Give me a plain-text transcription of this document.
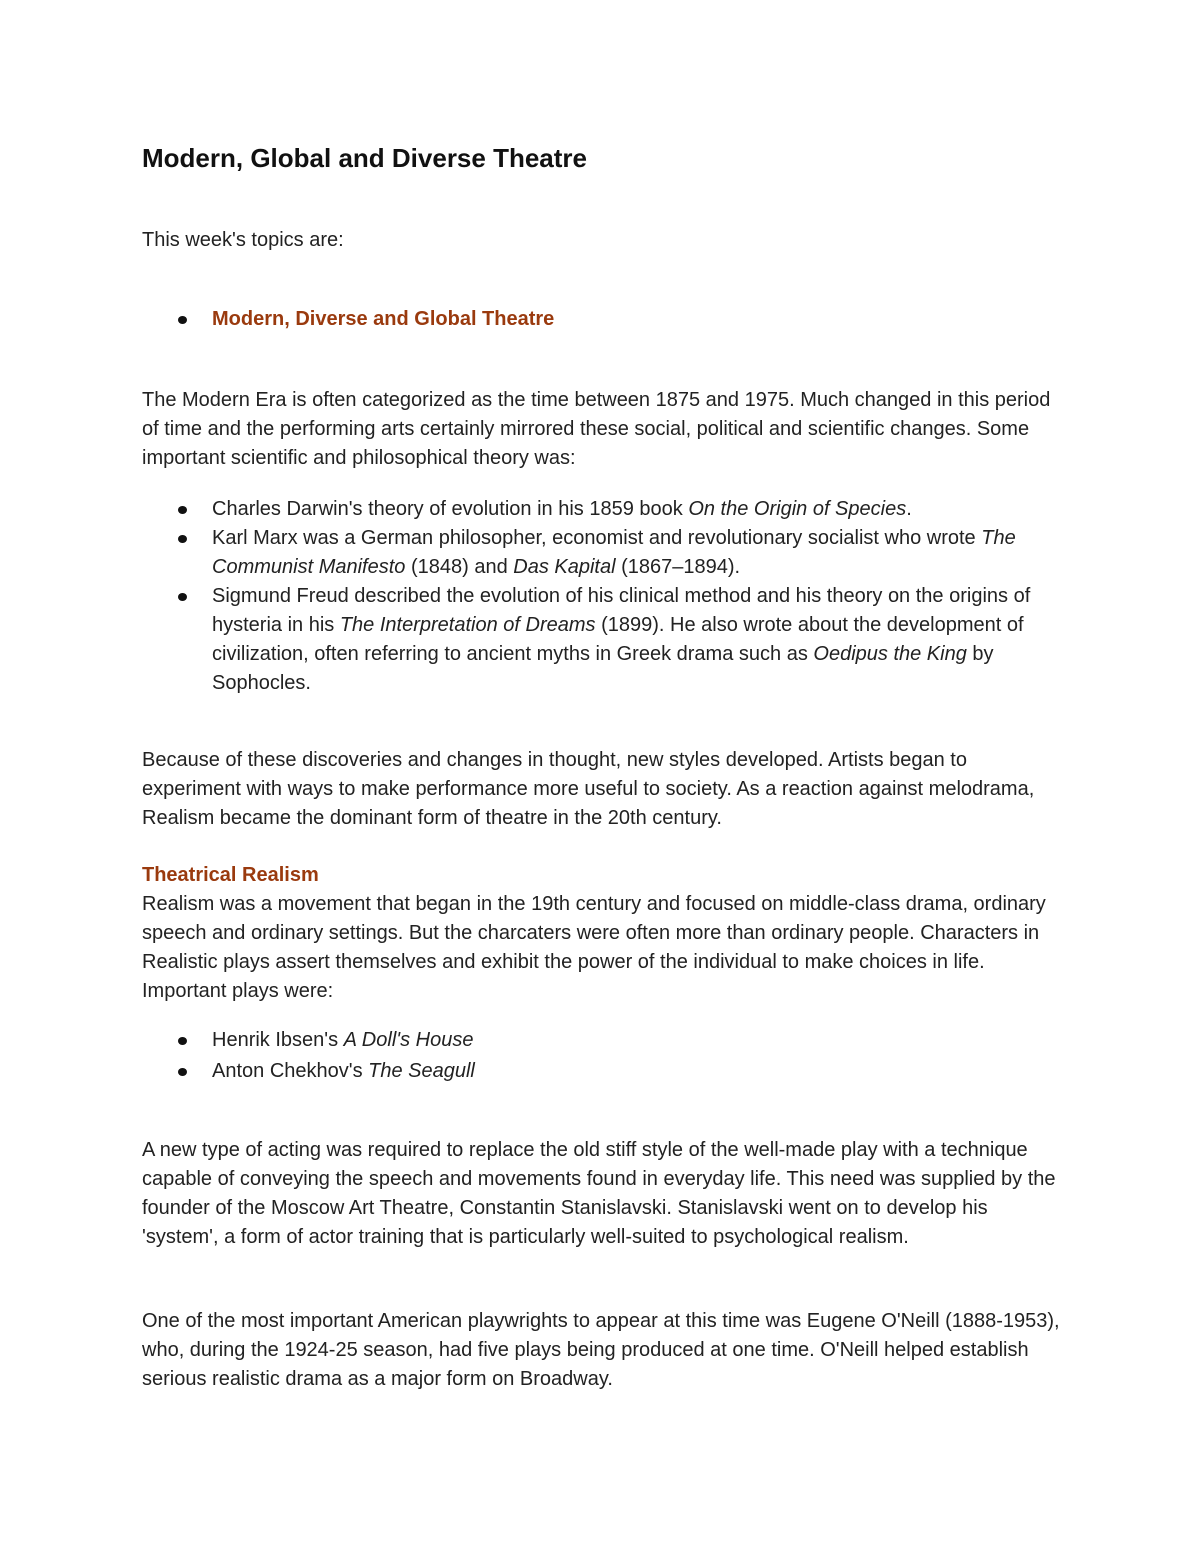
Modern, Global and Diverse Theatre

This week's topics are:

Modern, Diverse and Global Theatre

The Modern Era is often categorized as the time between 1875 and 1975. Much changed in this period of time and the performing arts certainly mirrored these social, political and scientific changes. Some important scientific and philosophical theory was:

Charles Darwin's theory of evolution in his 1859 book On the Origin of Species.
Karl Marx was a German philosopher, economist and revolutionary socialist who wrote The Communist Manifesto (1848) and Das Kapital (1867–1894).
Sigmund Freud described the evolution of his clinical method and his theory on the origins of hysteria in his The Interpretation of Dreams (1899). He also wrote about the development of civilization, often referring to ancient myths in Greek drama such as Oedipus the King by Sophocles.

Because of these discoveries and changes in thought, new styles developed. Artists began to experiment with ways to make performance more useful to society. As a reaction against melodrama, Realism became the dominant form of theatre in the 20th century.

Theatrical Realism

Realism was a movement that began in the 19th century and focused on middle-class drama, ordinary speech and ordinary settings. But the charcaters were often more than ordinary people. Characters in Realistic plays assert themselves and exhibit the power of the individual to make choices in life. Important plays were:

Henrik Ibsen's A Doll's House
Anton Chekhov's The Seagull

A new type of acting was required to replace the old stiff style of the well-made play with a technique capable of conveying the speech and movements found in everyday life. This need was supplied by the founder of the Moscow Art Theatre, Constantin Stanislavski. Stanislavski went on to develop his 'system', a form of actor training that is particularly well-suited to psychological realism.

One of the most important American playwrights to appear at this time was Eugene O'Neill (1888-1953), who, during the 1924-25 season, had five plays being produced at one time. O'Neill helped establish serious realistic drama as a major form on Broadway.
